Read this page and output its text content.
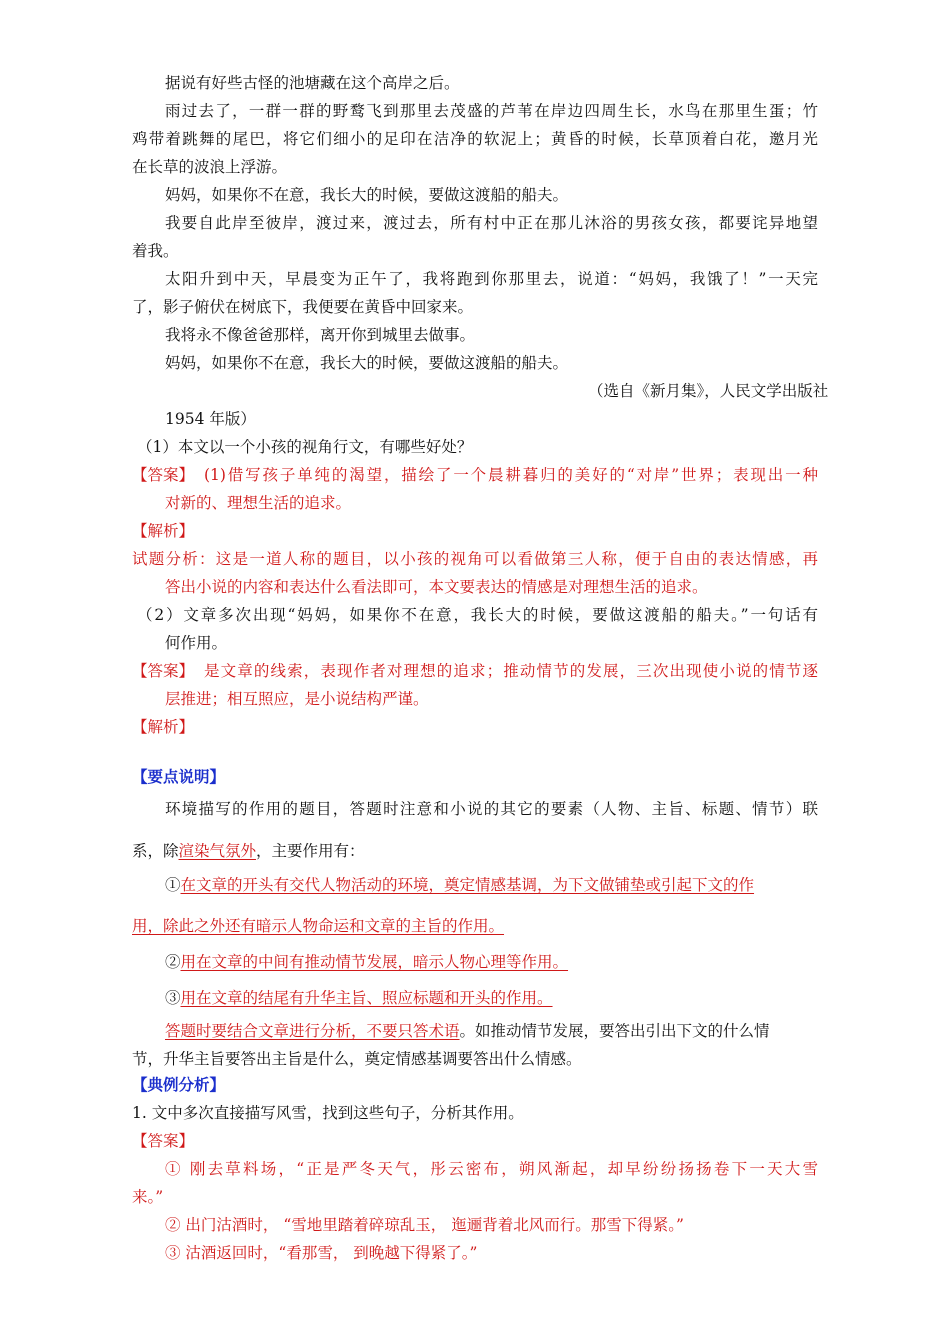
据说有好些古怪的池塘藏在这个高岸之后。
雨过去了，一群一群的野鹜飞到那里去茂盛的芦苇在岸边四周生长，水鸟在那里生蛋；竹
鸡带着跳舞的尾巴，将它们细小的足印在洁净的软泥上；黄昏的时候，长草顶着白花，邀月光
在长草的波浪上浮游。
妈妈，如果你不在意，我长大的时候，要做这渡船的船夫。
我要自此岸至彼岸，渡过来，渡过去，所有村中正在那儿沐浴的男孩女孩，都要诧异地望
着我。
太阳升到中天，早晨变为正午了，我将跑到你那里去，说道：“妈妈，我饿了！”一天完
了，影子俯伏在树底下，我便要在黄昏中回家来。
我将永不像爸爸那样，离开你到城里去做事。
妈妈，如果你不在意，我长大的时候，要做这渡船的船夫。
（选自《新月集》，人民文学出版社
1954 年版）
（1）本文以一个小孩的视角行文，有哪些好处？
【答案】 (1)借写孩子单纯的渴望，描绘了一个晨耕暮归的美好的“对岸”世界；表现出一种
对新的、理想生活的追求。
【解析】
试题分析：这是一道人称的题目，以小孩的视角可以看做第三人称，便于自由的表达情感，再
答出小说的内容和表达什么看法即可，本文要表达的情感是对理想生活的追求。
（2）文章多次出现“妈妈，如果你不在意，我长大的时候，要做这渡船的船夫。”一句话有
何作用。
【答案】 是文章的线索，表现作者对理想的追求；推动情节的发展，三次出现使小说的情节逐
层推进；相互照应，是小说结构严谨。
【解析】
【要点说明】
环境描写的作用的题目，答题时注意和小说的其它的要素（人物、主旨、标题、情节）联
系，除渲染气氛外，主要作用有：
①在文章的开头有交代人物活动的环境，奠定情感基调，为下文做铺垫或引起下文的作
用，除此之外还有暗示人物命运和文章的主旨的作用。
②用在文章的中间有推动情节发展，暗示人物心理等作用。
③用在文章的结尾有升华主旨、照应标题和开头的作用。
答题时要结合文章进行分析，不要只答术语。如推动情节发展，要答出引出下文的什么情
节，升华主旨要答出主旨是什么，奠定情感基调要答出什么情感。
【典例分析】
1. 文中多次直接描写风雪，找到这些句子，分析其作用。
【答案】
① 刚去草料场，“正是严冬天气，彤云密布，朔风渐起，却早纷纷扬扬卷下一天大雪
来。”
② 出门沽酒时， “雪地里踏着碎琼乱玉， 迤逦背着北风而行。那雪下得紧。”
③ 沽酒返回时，“看那雪， 到晚越下得紧了。”
